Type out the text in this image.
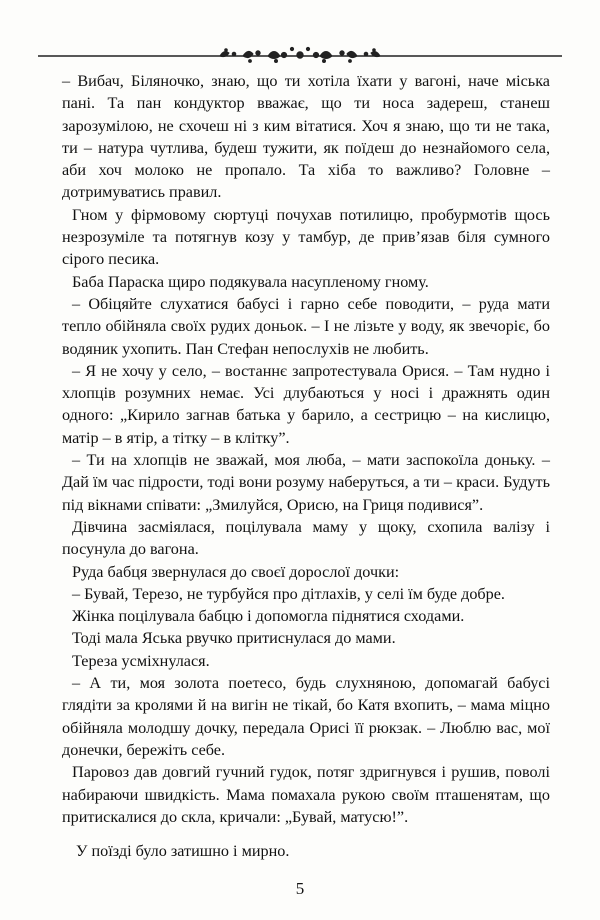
– Вибач, Біляночко, знаю, що ти хотіла їхати у вагоні, наче міська пані. Та пан кондуктор вважає, що ти носа задереш, станеш зарозумілою, не схочеш ні з ким вітатися. Хоч я знаю, що ти не така, ти – натура чутлива, будеш тужити, як поїдеш до незнайомого села, аби хоч молоко не пропало. Та хіба то важливо? Головне – дотримуватись правил.

Гном у фірмовому сюртуці почухав потилицю, пробурмотів щось незрозуміле та потягнув козу у тамбур, де прив’язав біля сумного сірого песика.

Баба Параска щиро подякувала насупленому гному.

– Обіцяйте слухатися бабусі і гарно себе поводити, – руда мати тепло обійняла своїх рудих доньок. – І не лізьте у воду, як звечоріє, бо водяник ухопить. Пан Стефан непослухів не любить.

– Я не хочу у село, – востаннє запротестувала Орися. – Там нудно і хлопців розумних немає. Усі длубаються у носі і дражнять один одного: „Кирило загнав батька у барило, а сестрицю – на кислицю, матір – в ятір, а тітку – в клітку”.

– Ти на хлопців не зважай, моя люба, – мати заспокоїла доньку. – Дай їм час підрости, тоді вони розуму наберуться, а ти – краси. Будуть під вікнами співати: „Змилуйся, Орисю, на Гриця подивися”.

Дівчина засміялася, поцілувала маму у щоку, схопила валізу і посунула до вагона.

Руда бабця звернулася до своєї дорослої дочки:

– Бувай, Терезо, не турбуйся про дітлахів, у селі їм буде добре.

Жінка поцілувала бабцю і допомогла піднятися сходами.

Тоді мала Яська рвучко притиснулася до мами.

Тереза усміхнулася.

– А ти, моя золота поетесо, будь слухняною, допомагай бабусі глядіти за кролями й на вигін не тікай, бо Катя вхопить, – мама міцно обійняла молодшу дочку, передала Орисі її рюкзак. – Люблю вас, мої донечки, бережіть себе.

Паровоз дав довгий гучний гудок, потяг здригнувся і рушив, поволі набираючи швидкість. Мама помахала рукою своїм пташенятам, що притискалися до скла, кричали: „Бувай, матусю!”.

У поїзді було затишно і мирно.
5
